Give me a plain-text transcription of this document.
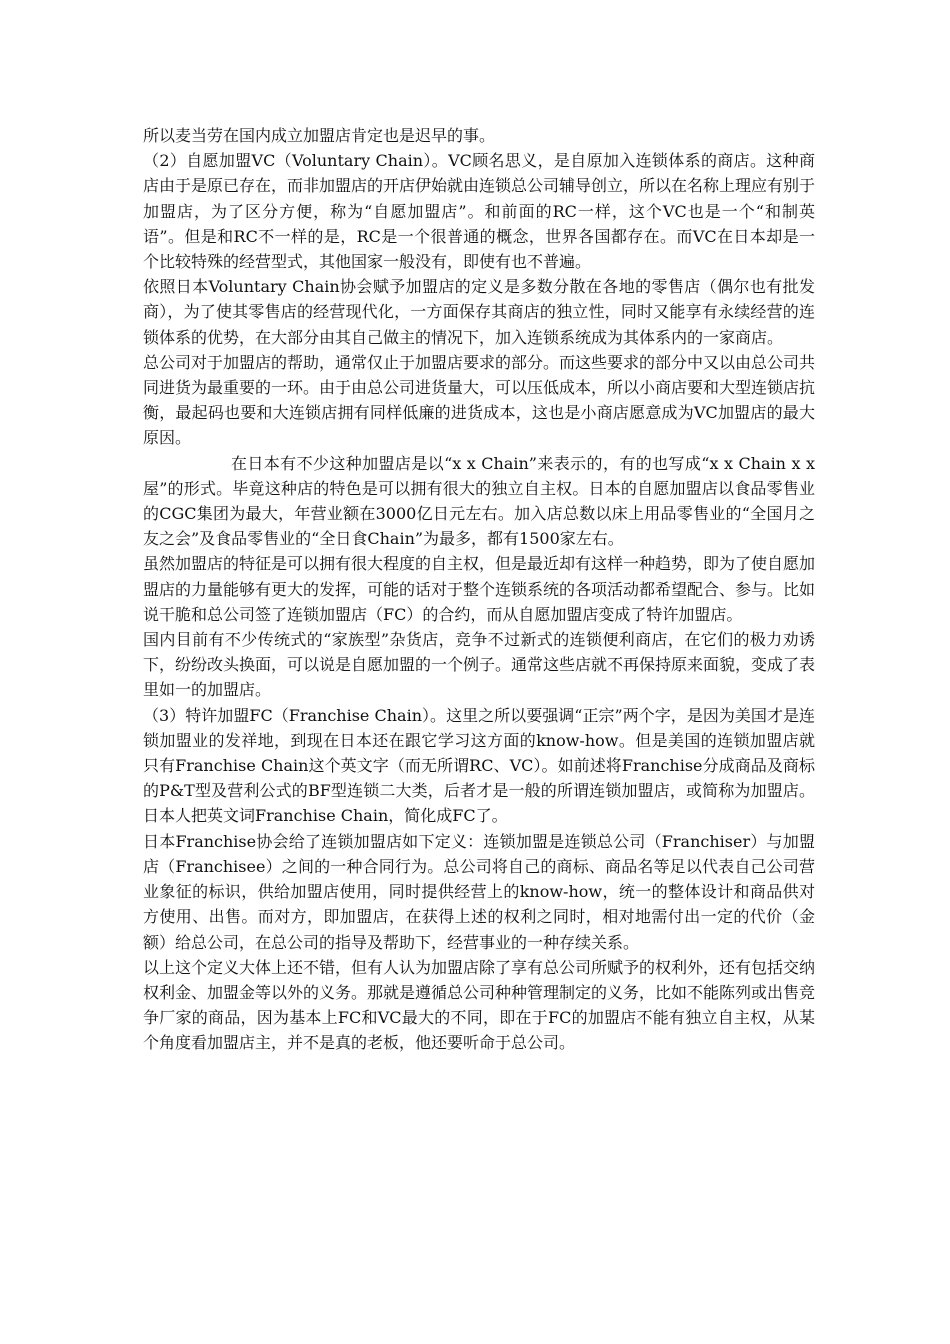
所以麦当劳在国内成立加盟店肯定也是迟早的事。

（2）自愿加盟VC（Voluntary Chain）。VC顾名思义，是自原加入连锁体系的商店。这种商店由于是原已存在，而非加盟店的开店伊始就由连锁总公司辅导创立，所以在名称上理应有别于加盟店，为了区分方便，称为“自愿加盟店”。和前面的RC一样，这个VC也是一个“和制英语”。但是和RC不一样的是，RC是一个很普通的概念，世界各国都存在。而VC在日本却是一个比较特殊的经营型式，其他国家一般没有，即使有也不普遍。

依照日本Voluntary Chain协会赋予加盟店的定义是多数分散在各地的零售店（偶尔也有批发商），为了使其零售店的经营现代化，一方面保存其商店的独立性，同时又能享有永续经营的连锁体系的优势，在大部分由其自己做主的情况下，加入连锁系统成为其体系内的一家商店。

总公司对于加盟店的帮助，通常仅止于加盟店要求的部分。而这些要求的部分中又以由总公司共同进货为最重要的一环。由于由总公司进货量大，可以压低成本，所以小商店要和大型连锁店抗衡，最起码也要和大连锁店拥有同样低廉的进货成本，这也是小商店愿意成为VC加盟店的最大原因。

在日本有不少这种加盟店是以“x x Chain”来表示的，有的也写成“x x Chain x x屋”的形式。毕竟这种店的特色是可以拥有很大的独立自主权。日本的自愿加盟店以食品零售业的CGC集团为最大，年营业额在3000亿日元左右。加入店总数以床上用品零售业的“全国月之友之会”及食品零售业的“全日食Chain”为最多，都有1500家左右。

虽然加盟店的特征是可以拥有很大程度的自主权，但是最近却有这样一种趋势，即为了使自愿加盟店的力量能够有更大的发挥，可能的话对于整个连锁系统的各项活动都希望配合、参与。比如说干脆和总公司签了连锁加盟店（FC）的合约，而从自愿加盟店变成了特许加盟店。

国内目前有不少传统式的“家族型”杂货店，竞争不过新式的连锁便利商店，在它们的极力劝诱下，纷纷改头换面，可以说是自愿加盟的一个例子。通常这些店就不再保持原来面貌，变成了表里如一的加盟店。

（3）特许加盟FC（Franchise Chain）。这里之所以要强调“正宗”两个字，是因为美国才是连锁加盟业的发祥地，到现在日本还在跟它学习这方面的know-how。但是美国的连锁加盟店就只有Franchise Chain这个英文字（而无所谓RC、VC）。如前述将Franchise分成商品及商标的P&T型及营利公式的BF型连锁二大类，后者才是一般的所谓连锁加盟店，或简称为加盟店。日本人把英文词Franchise Chain，简化成FC了。

日本Franchise协会给了连锁加盟店如下定义：连锁加盟是连锁总公司（Franchiser）与加盟店（Franchisee）之间的一种合同行为。总公司将自己的商标、商品名等足以代表自己公司营业象征的标识，供给加盟店使用，同时提供经营上的know-how，统一的整体设计和商品供对方使用、出售。而对方，即加盟店，在获得上述的权利之同时，相对地需付出一定的代价（金额）给总公司，在总公司的指导及帮助下，经营事业的一种存续关系。

以上这个定义大体上还不错，但有人认为加盟店除了享有总公司所赋予的权利外，还有包括交纳权利金、加盟金等以外的义务。那就是遵循总公司种种管理制定的义务，比如不能陈列或出售竞争厂家的商品，因为基本上FC和VC最大的不同，即在于FC的加盟店不能有独立自主权，从某个角度看加盟店主，并不是真的老板，他还要听命于总公司。
